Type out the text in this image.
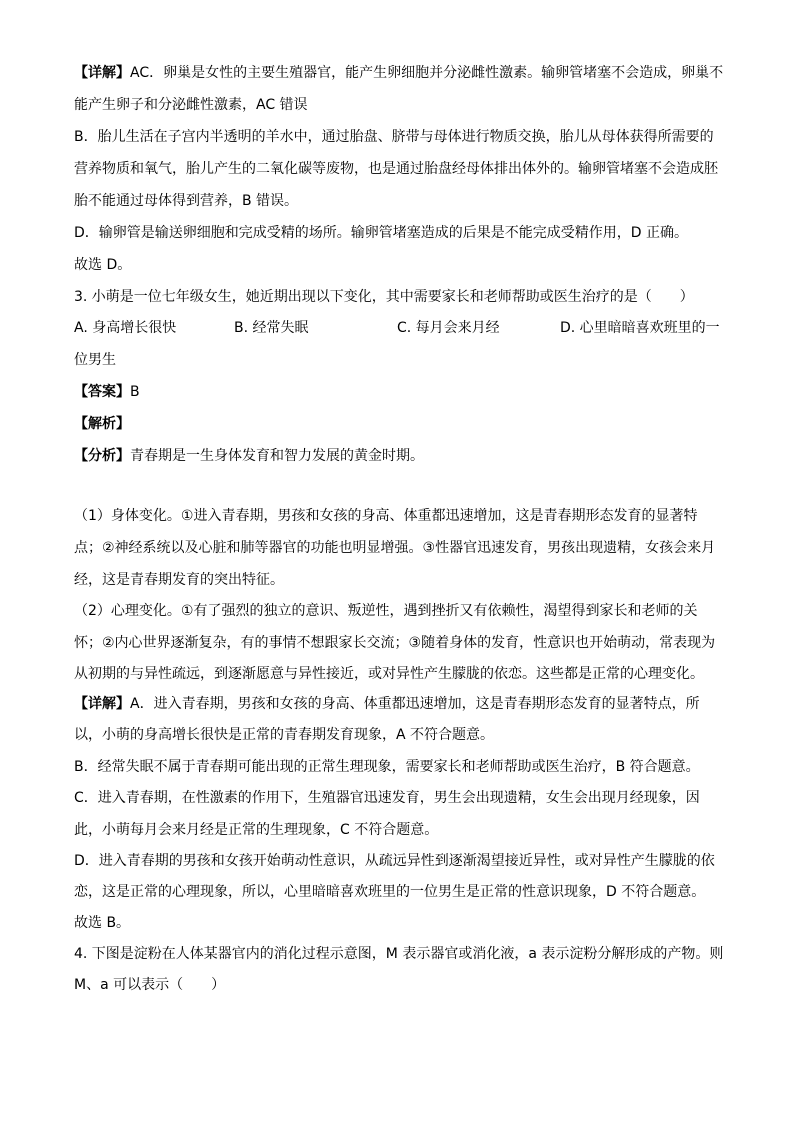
【详解】AC．卵巢是女性的主要生殖器官，能产生卵细胞并分泌雌性激素。输卵管堵塞不会造成，卵巢不
能产生卵子和分泌雌性激素，AC 错误
B．胎儿生活在子宫内半透明的羊水中，通过胎盘、脐带与母体进行物质交换，胎儿从母体获得所需要的
营养物质和氧气，胎儿产生的二氧化碳等废物，也是通过胎盘经母体排出体外的。输卵管堵塞不会造成胚
胎不能通过母体得到营养，B 错误。
D．输卵管是输送卵细胞和完成受精的场所。输卵管堵塞造成的后果是不能完成受精作用，D 正确。
故选 D。
3. 小萌是一位七年级女生，她近期出现以下变化，其中需要家长和老师帮助或医生治疗的是（　　）
A. 身高增长很快	B. 经常失眠	C. 每月会来月经	D. 心里暗暗喜欢班里的一
位男生
【答案】B
【解析】
【分析】青春期是一生身体发育和智力发展的黄金时期。
（1）身体变化。①进入青春期，男孩和女孩的身高、体重都迅速增加，这是青春期形态发育的显著特
点；②神经系统以及心脏和肺等器官的功能也明显增强。③性器官迅速发育，男孩出现遗精，女孩会来月
经，这是青春期发育的突出特征。
（2）心理变化。①有了强烈的独立的意识、叛逆性，遇到挫折又有依赖性，渴望得到家长和老师的关
怀；②内心世界逐渐复杂，有的事情不想跟家长交流；③随着身体的发育，性意识也开始萌动，常表现为
从初期的与异性疏远，到逐渐愿意与异性接近，或对异性产生朦胧的依恋。这些都是正常的心理变化。
【详解】A．进入青春期，男孩和女孩的身高、体重都迅速增加，这是青春期形态发育的显著特点，所
以，小萌的身高增长很快是正常的青春期发育现象，A 不符合题意。
B．经常失眠不属于青春期可能出现的正常生理现象，需要家长和老师帮助或医生治疗，B 符合题意。
C．进入青春期，在性激素的作用下，生殖器官迅速发育，男生会出现遗精，女生会出现月经现象，因
此，小萌每月会来月经是正常的生理现象，C 不符合题意。
D．进入青春期的男孩和女孩开始萌动性意识，从疏远异性到逐渐渴望接近异性，或对异性产生朦胧的依
恋，这是正常的心理现象，所以，心里暗暗喜欢班里的一位男生是正常的性意识现象，D 不符合题意。
故选 B。
4. 下图是淀粉在人体某器官内的消化过程示意图，M 表示器官或消化液，a 表示淀粉分解形成的产物。则
M、a 可以表示（　　）
